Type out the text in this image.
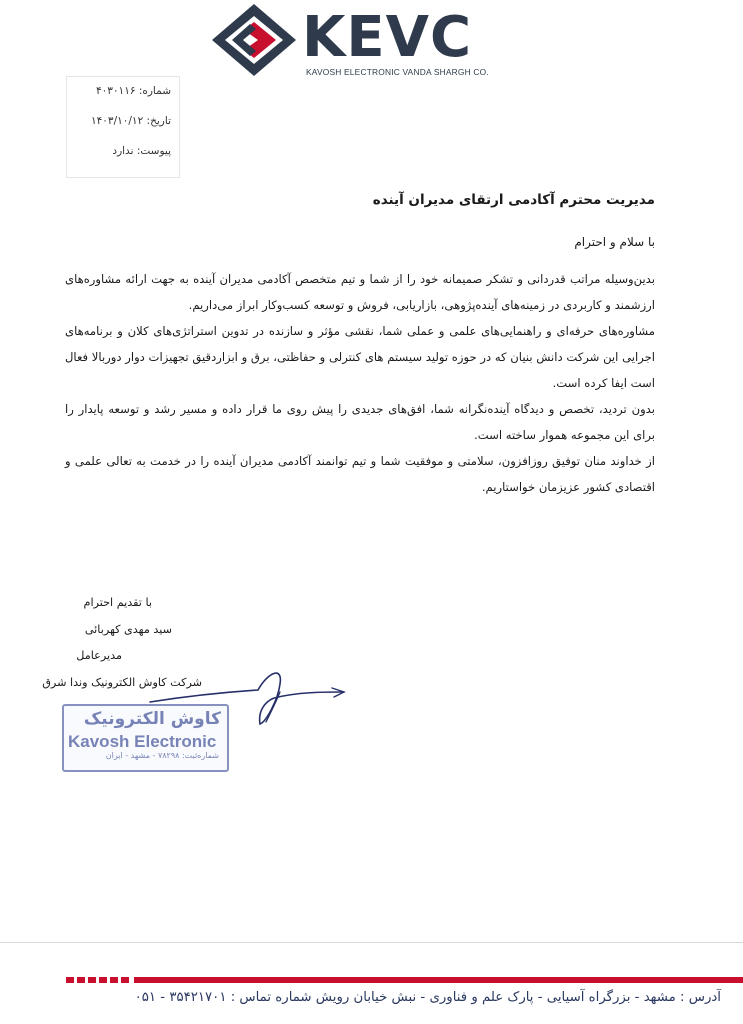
KEVC
KAVOSH ELECTRONIC VANDA SHARGH CO.
شماره: ۴۰۳۰۱۱۶
تاریخ: ۱۴۰۳/۱۰/۱۲
پیوست: ندارد
مدیریت محترم آکادمی ارتقای مدیران آینده
با سلام و احترام

بدین‌وسیله مراتب قدردانی و تشکر صمیمانه خود را از شما و تیم متخصص آکادمی مدیران آینده به جهت ارائه مشاوره‌های ارزشمند و کاربردی در زمینه‌های آینده‌پژوهی، بازاریابی، فروش و توسعه کسب‌وکار ابراز می‌داریم.

مشاوره‌های حرفه‌ای و راهنمایی‌های علمی و عملی شما، نقشی مؤثر و سازنده در تدوین استراتژی‌های کلان و برنامه‌های اجرایی این شرکت دانش بنیان که در حوزه تولید سیستم های کنترلی و حفاظتی، برق و ابزاردقیق تجهیزات دوار دوربالا فعال است ایفا کرده است.

بدون تردید، تخصص و دیدگاه آینده‌نگرانه شما، افق‌های جدیدی را پیش روی ما قرار داده و مسیر رشد و توسعه پایدار را برای این مجموعه هموار ساخته است.

از خداوند منان توفیق روزافزون، سلامتی و موفقیت شما و تیم توانمند آکادمی مدیران آینده را در خدمت به تعالی علمی و اقتصادی کشور عزیزمان خواستاریم.

با تقدیم احترام
سید مهدی کهربائی
مدیرعامل
شرکت کاوش الکترونیک وندا شرق
کاوش الکترونیک
Kavosh Electronic
شماره‌ثبت: ۷۸۲۹۸ - مشهد - ایران
آدرس : مشهد - بزرگراه آسیایی - پارک علم و فناوری - نبش خیابان رویش شماره تماس : ۳۵۴۲۱۷۰۱ - ۰۵۱
